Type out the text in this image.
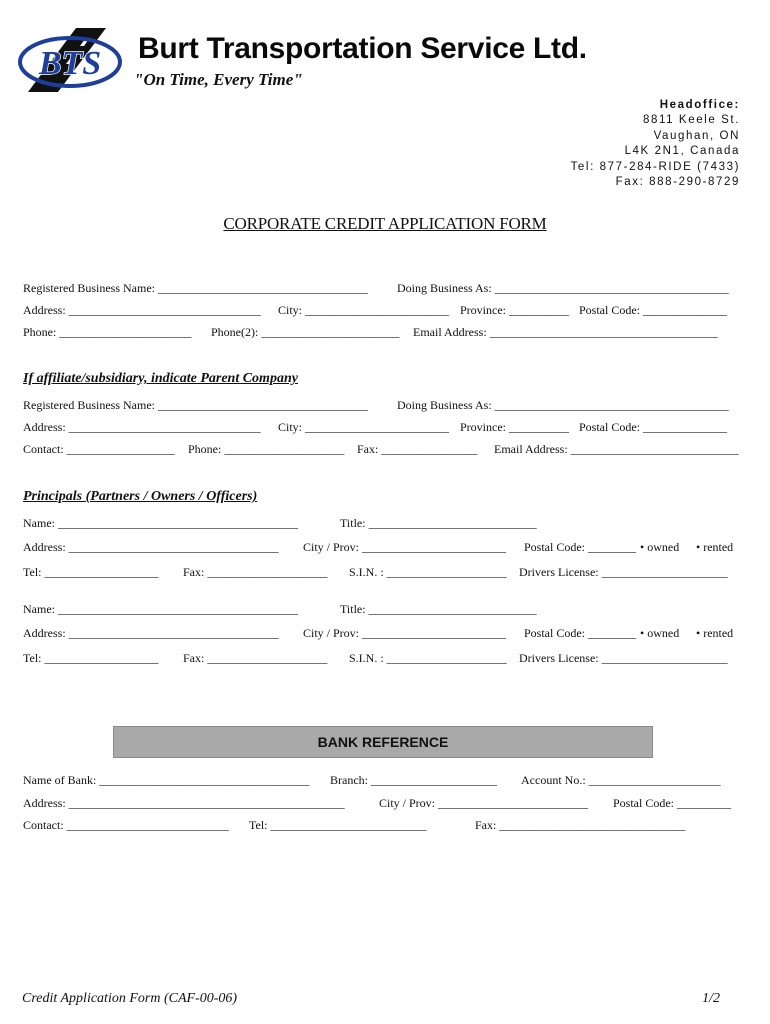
BTS Burt Transportation Service Ltd.
"On Time, Every Time"
Headoffice:
8811 Keele St.
Vaughan, ON
L4K 2N1, Canada
Tel: 877-284-RIDE (7433)
Fax: 888-290-8729
CORPORATE CREDIT APPLICATION FORM
Registered Business Name: ___________________________________ Doing Business As: _______________________________________
Address: ________________________________ City: ________________________ Province: __________ Postal Code: ______________
Phone: ______________________ Phone(2): _______________________ Email Address: ______________________________________
If affiliate/subsidiary, indicate Parent Company
Registered Business Name: ___________________________________ Doing Business As: _______________________________________
Address: ________________________________ City: ________________________ Province: __________ Postal Code: ______________
Contact: __________________ Phone: ____________________ Fax: ________________ Email Address: ____________________________
Principals (Partners / Owners / Officers)
Name: ________________________________________	Title: ____________________________
Address: ___________________________________ City / Prov: ________________________ Postal Code: ________ • owned • rented
Tel: ___________________ Fax: ____________________ S.I.N. : ____________________ Drivers License: _____________________
Name: ________________________________________	Title: ____________________________
Address: ___________________________________ City / Prov: ________________________ Postal Code: ________ • owned • rented
Tel: ___________________ Fax: ____________________ S.I.N. : ____________________ Drivers License: _____________________
BANK REFERENCE
Name of Bank: ___________________________________ Branch: _____________________ Account No.: ______________________
Address: ______________________________________________	City / Prov: _________________________ Postal Code: _________
Contact: ___________________________ Tel: __________________________	Fax: _______________________________
Credit Application Form (CAF-00-06)	1/2
